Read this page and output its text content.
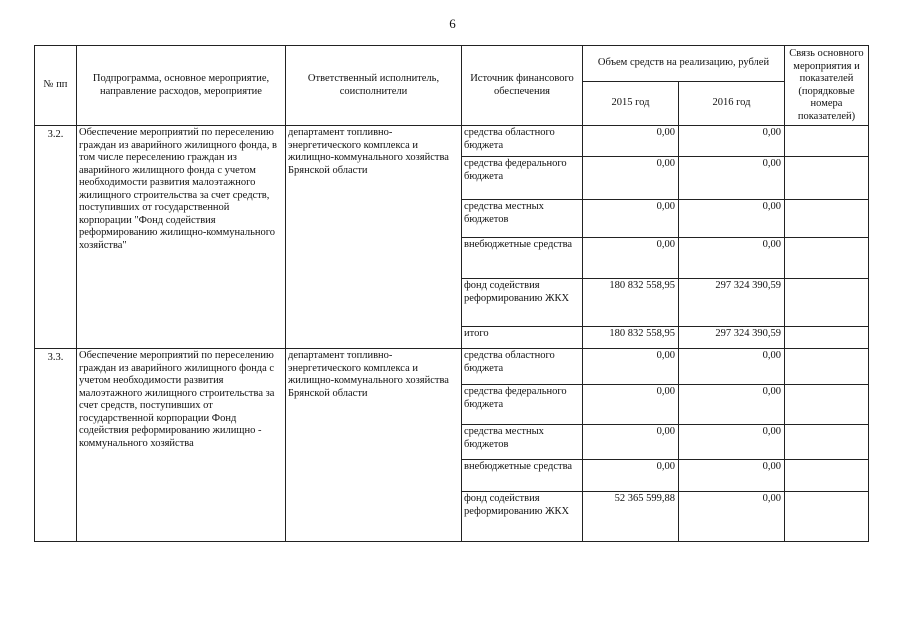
6
№ пп	Подпрограмма, основное мероприятие, направление расходов, мероприятие	Ответственный исполнитель, соисполнители	Источник финансового обеспечения	Объем средств на реализацию, рублей		Связь основного мероприятия и показателей (порядковые номера показателей)
				2015 год	2016 год	
3.2.	Обеспечение мероприятий по переселению граждан из аварийного жилищного фонда, в том числе переселению граждан из аварийного жилищного фонда с учетом необходимости развития малоэтажного жилищного строительства за счет средств, поступивших от государственной корпорации "Фонд содействия реформированию жилищно-коммунального хозяйства"	департамент топливно-энергетического комплекса и жилищно-коммунального хозяйства Брянской области	средства областного бюджета	0,00	0,00	
			средства федерального бюджета	0,00	0,00	
			средства местных бюджетов	0,00	0,00	
			внебюджетные средства	0,00	0,00	
			фонд содействия реформированию ЖКХ	180 832 558,95	297 324 390,59	
			итого	180 832 558,95	297 324 390,59	
3.3.	Обеспечение мероприятий по переселению граждан из аварийного жилищного фонда с учетом необходимости развития малоэтажного жилищного строительства за счет средств, поступивших от государственной корпорации Фонд содействия реформированию жилищно - коммунального хозяйства	департамент топливно-энергетического комплекса и жилищно-коммунального хозяйства Брянской области	средства областного бюджета	0,00	0,00	
			средства федерального бюджета	0,00	0,00	
			средства местных бюджетов	0,00	0,00	
			внебюджетные средства	0,00	0,00	
			фонд содействия реформированию ЖКХ	52 365 599,88	0,00	
